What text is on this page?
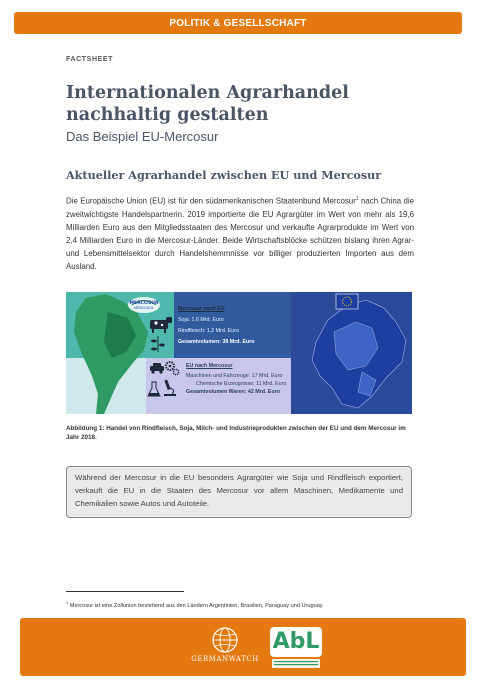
POLITIK & GESELLSCHAFT
FACTSHEET
Internationalen Agrarhandel
nachhaltig gestalten
Das Beispiel EU-Mercosur
Aktueller Agrarhandel zwischen EU und Mercosur
Die Europäische Union (EU) ist für den südamerikanischen Staatenbund Mercosur$^1$ nach China die zweitwichtigste Handelspartnerin. 2019 importierte die EU Agrargüter im Wert von mehr als 19,6 Milliarden Euro aus den Mitgliedsstaaten des Mercosur und verkaufte Agrarprodukte im Wert von 2,4 Milliarden Euro in die Mercosur-Länder. Beide Wirtschaftsblöcke schützen bislang ihren Agrar- und Lebensmittelsektor durch Handelshemmnisse vor billiger produzierten Importen aus dem Ausland.
MERCOSUR
MERCOSUL	Mercosur nach EU
Soja: 1,6 Mrd. Euro
Rindfleisch: 1,2 Mrd. Euro
Gesamtvolumen: 39 Mrd. Euro
EU nach Mercosur
Maschinen und Fahrzeuge: 17 Mrd. Euro
Chemische Erzeugnisse: 11 Mrd. Euro
Gesamtvolumen Waren: 42 Mrd. Euro
Abbildung 1: Handel von Rindfleisch, Soja, Milch- und Industrieprodukten zwischen der EU und dem Mercosur im Jahr 2018.
Während der Mercosur in die EU besonders Agrargüter wie Soja und Rindfleisch exportiert, verkauft die EU in die Staaten des Mercosur vor allem Maschinen, Medikamente und Chemikalien sowie Autos und Autoteile.
$^1$ Mercosur ist eine Zollunion bestehend aus den Ländern Argentinien, Brasilien, Paraguay und Uruguay.
GERMANWATCH
AbL
